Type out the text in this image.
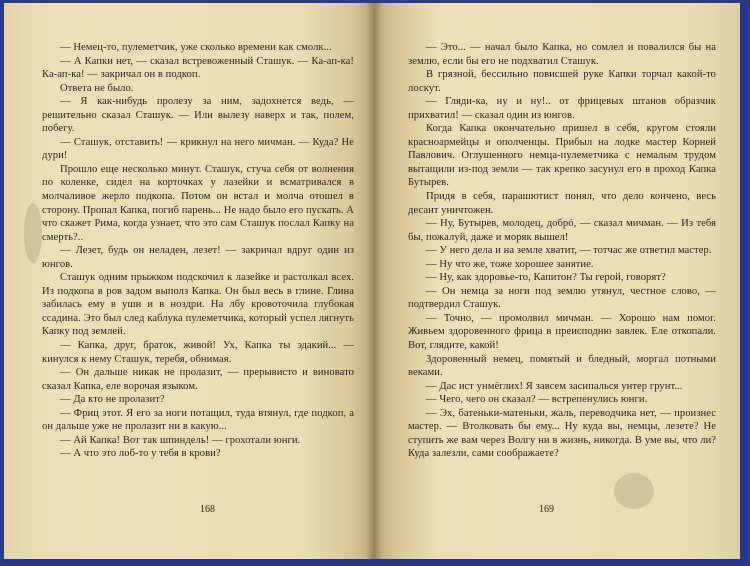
— Немец-то, пулеметчик, уже сколько времени как смолк...

— А Капки нет, — сказал встревоженный Сташук. — Ка-ап-ка! Ка-ап-ка! — закричал он в подкоп.

Ответа не было.

— Я как-нибудь пролезу за ним, задохнется ведь, — решительно сказал Сташук. — Или вылезу наверх и так, полем, побегу.

— Сташук, отставить! — крикнул на него мичман. — Куда? Не дури!

Прошло еще несколько минут. Сташук, стуча себя от волнения по коленке, сидел на корточках у лазейки и всматривался в молчаливое жерло подкопа. Потом он встал и молча отошел в сторону. Пропал Капка, погиб парень... Не надо было его пускать. А что скажет Рима, когда узнает, что это сам Сташук послал Капку на смерть?..

— Лезет, будь он неладен, лезет! — закричал вдруг один из юнгов.

Сташук одним прыжком подскочил к лазейке и растолкал всех. Из подкопа в ров задом выполз Капка. Он был весь в глине. Глина забилась ему в уши и в ноздри. На лбу кровоточила глубокая ссадина. Это был след каблука пулеметчика, который успел лягнуть Капку под землей.

— Капка, друг, браток, живой! Ух, Капка ты эдакий... — кинулся к нему Сташук, теребя, обнимая.

— Он дальше никак не пролазит, — прерывисто и виновато сказал Капка, еле ворочая языком.

— Да кто не пролазит?

— Фриц этот. Я его за ноги потащил, туда втянул, где подкоп, а он дальше уже не пролазит ни в какую...

— Ай Капка! Вот так шпиндель! — грохотали юнги.

— А что это лоб-то у тебя в крови?

168

— Это... — начал было Капка, но сомлел и повалился бы на землю, если бы его не подхватил Сташук.

В грязной, бессильно повисшей руке Капки торчал какой-то лоскут.

— Гляди-ка, ну и ну!.. от фрицевых штанов образчик прихватил! — сказал один из юнгов.

Когда Капка окончательно пришел в себя, кругом стояли красноармейцы и ополченцы. Прибыл на лодке мастер Корней Павлович. Оглушенного немца-пулеметчика с немалым трудом вытащили из-под земли — так крепко засунул его в проход Капка Бутырев.

Придя в себя, парашютист понял, что дело кончено, весь десант уничтожен.

— Ну, Бутырев, молодец, добрó, — сказал мичман. — Из тебя бы, пожалуй, даже и моряк вышел!

— У него дела и на земле хватит, — тотчас же ответил мастер.

— Ну что же, тоже хорошее занятие.

— Ну, как здоровье-то, Капитон? Ты герой, говорят?

— Он немца за ноги под землю утянул, честное слово, — подтвердил Сташук.

— Точно, — промолвил мичман. — Хорошо нам помог. Живьем здоровенного фрица в преисподню завлек. Еле откопали. Вот, глядите, какой!

Здоровенный немец, помятый и бледный, моргал потными веками.

— Дас ист унмёглих! Я завсем засипалься унтер грунт...

— Чего, чего он сказал? — встрепенулись юнги.

— Эх, батеньки-матеньки, жаль, переводчика нет, — произнес мастер. — Втолковать бы ему... Ну куда вы, немцы, лезете? Не ступить же вам через Волгу ни в жизнь, никогда. В уме вы, что ли? Куда залезли, сами соображаете?

169
